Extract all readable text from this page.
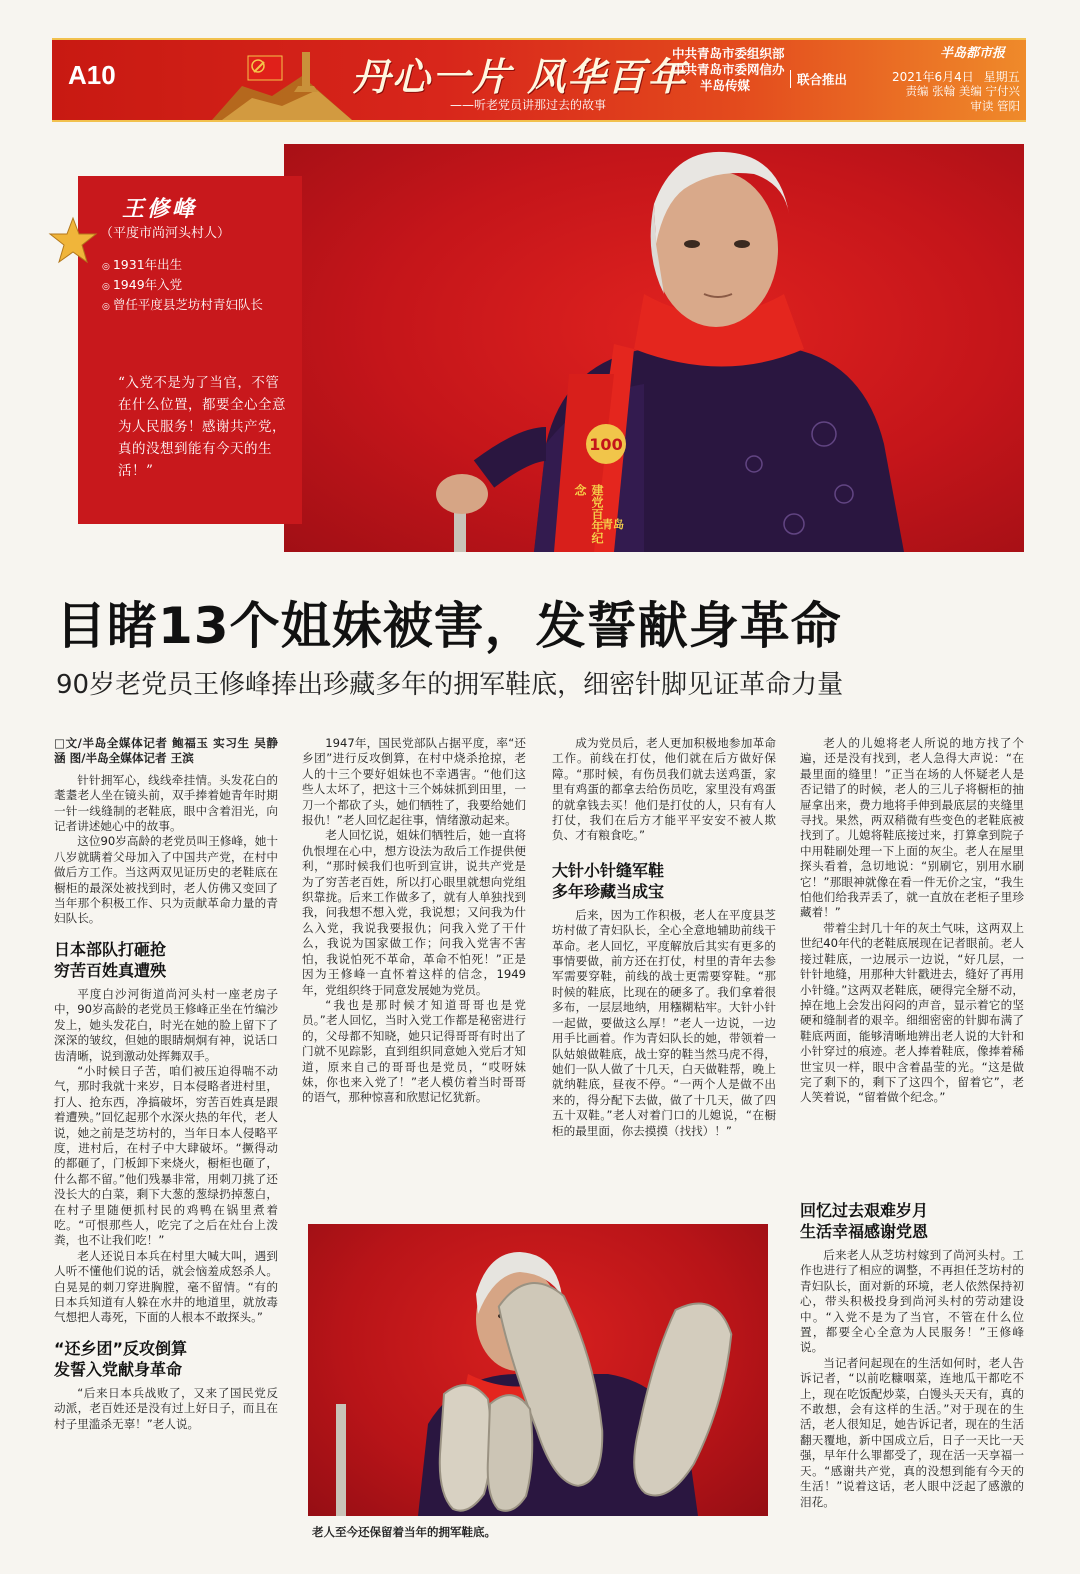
A10	丹心一片 风华百年
——听老党员讲那过去的故事
中共青岛市委组织部
中共青岛市委网信办
半岛传媒	联合推出
半岛都市报
2021年6月4日 星期五
责编 张翰 美编 宁付兴
审读 管阳
100
建党百年纪念
青岛
王修峰
（平度市尚河头村人）
◎ 1931年出生
◎ 1949年入党
◎ 曾任平度县芝坊村青妇队长
“入党不是为了当官，不管在什么位置，都要全心全意为人民服务！感谢共产党，真的没想到能有今天的生活！”
目睹13个姐妹被害，发誓献身革命
90岁老党员王修峰捧出珍藏多年的拥军鞋底，细密针脚见证革命力量

□文/半岛全媒体记者 鲍福玉 实习生 吴静涵 图/半岛全媒体记者 王滨

针针拥军心，线线牵挂情。头发花白的耄耋老人坐在镜头前，双手捧着她青年时期一针一线缝制的老鞋底，眼中含着泪光，向记者讲述她心中的故事。

这位90岁高龄的老党员叫王修峰，她十八岁就瞒着父母加入了中国共产党，在村中做后方工作。当这两双见证历史的老鞋底在橱柜的最深处被找到时，老人仿佛又变回了当年那个积极工作、只为贡献革命力量的青妇队长。

日本部队打砸抢
穷苦百姓真遭殃

平度白沙河街道尚河头村一座老房子中，90岁高龄的老党员王修峰正坐在竹编沙发上，她头发花白，时光在她的脸上留下了深深的皱纹，但她的眼睛炯炯有神，说话口齿清晰，说到激动处挥舞双手。

“小时候日子苦，咱们被压迫得喘不动气，那时我就十来岁，日本侵略者进村里，打人、抢东西，净搞破坏，穷苦百姓真是跟着遭殃。”回忆起那个水深火热的年代，老人说，她之前是芝坊村的，当年日本人侵略平度，进村后，在村子中大肆破坏。“撅得动的都砸了，门板卸下来烧火，橱柜也砸了，什么都不留。”他们残暴非常，用刺刀挑了还没长大的白菜，剩下大葱的葱绿扔掉葱白，在村子里随便抓村民的鸡鸭在锅里煮着吃。“可恨那些人，吃完了之后在灶台上泼粪，也不让我们吃！”

老人还说日本兵在村里大喊大叫，遇到人听不懂他们说的话，就会恼羞成怒杀人。白晃晃的刺刀穿进胸膛，毫不留情。“有的日本兵知道有人躲在水井的地道里，就放毒气想把人毒死，下面的人根本不敢探头。”

“还乡团”反攻倒算
发誓入党献身革命

“后来日本兵战败了，又来了国民党反动派，老百姓还是没有过上好日子，而且在村子里滥杀无辜！”老人说。

1947年，国民党部队占据平度，率“还乡团”进行反攻倒算，在村中烧杀抢掠，老人的十三个要好姐妹也不幸遇害。“他们这些人太坏了，把这十三个姊妹抓到田里，一刀一个都砍了头，她们牺牲了，我要给她们报仇！”老人回忆起往事，情绪激动起来。

老人回忆说，姐妹们牺牲后，她一直将仇恨埋在心中，想方设法为敌后工作提供便利，“那时候我们也听到宣讲，说共产党是为了穷苦老百姓，所以打心眼里就想向党组织靠拢。后来工作做多了，就有人单独找到我，问我想不想入党，我说想；又问我为什么入党，我说我要报仇；问我入党了干什么，我说为国家做工作；问我入党害不害怕，我说怕死不革命，革命不怕死！”正是因为王修峰一直怀着这样的信念，1949年，党组织终于同意发展她为党员。

“我也是那时候才知道哥哥也是党员。”老人回忆，当时入党工作都是秘密进行的，父母都不知晓，她只记得哥哥有时出了门就不见踪影，直到组织同意她入党后才知道，原来自己的哥哥也是党员，“哎呀妹妹，你也来入党了！”老人模仿着当时哥哥的语气，那种惊喜和欣慰记忆犹新。

成为党员后，老人更加积极地参加革命工作。前线在打仗，他们就在后方做好保障。“那时候，有伤员我们就去送鸡蛋，家里有鸡蛋的都拿去给伤员吃，家里没有鸡蛋的就拿钱去买！他们是打仗的人，只有有人打仗，我们在后方才能平平安安不被人欺负、才有粮食吃。”

大针小针缝军鞋
多年珍藏当成宝

后来，因为工作积极，老人在平度县芝坊村做了青妇队长，全心全意地辅助前线干革命。老人回忆，平度解放后其实有更多的事情要做，前方还在打仗，村里的青年去参军需要穿鞋，前线的战士更需要穿鞋。“那时候的鞋底，比现在的硬多了。我们拿着很多布，一层层地纳，用糨糊粘牢。大针小针一起做，要做这么厚！”老人一边说，一边用手比画着。作为青妇队长的她，带领着一队姑娘做鞋底，战士穿的鞋当然马虎不得，她们一队人做了十几天，白天做鞋帮，晚上就纳鞋底，昼夜不停。“一两个人是做不出来的，得分配下去做，做了十几天，做了四五十双鞋。”老人对着门口的儿媳说，“在橱柜的最里面，你去摸摸（找找）！”

老人的儿媳将老人所说的地方找了个遍，还是没有找到，老人急得大声说：“在最里面的缝里！”正当在场的人怀疑老人是否记错了的时候，老人的三儿子将橱柜的抽屉拿出来，费力地将手伸到最底层的夹缝里寻找。果然，两双稍微有些变色的老鞋底被找到了。儿媳将鞋底接过来，打算拿到院子中用鞋刷处理一下上面的灰尘。老人在屋里探头看着，急切地说：“别刷它，别用水刷它！”那眼神就像在看一件无价之宝，“我生怕他们给我弄丢了，就一直放在老柜子里珍藏着！”

带着尘封几十年的灰土气味，这两双上世纪40年代的老鞋底展现在记者眼前。老人接过鞋底，一边展示一边说，“好几层，一针针地缝，用那种大针戳进去，缝好了再用小针缝。”这两双老鞋底，硬得完全掰不动，掉在地上会发出闷闷的声音，显示着它的坚硬和缝制者的艰辛。细细密密的针脚布满了鞋底两面，能够清晰地辨出老人说的大针和小针穿过的痕迹。老人捧着鞋底，像捧着稀世宝贝一样，眼中含着晶莹的光。“这是做完了剩下的，剩下了这四个，留着它”，老人笑着说，“留着做个纪念。”

回忆过去艰难岁月
生活幸福感谢党恩

后来老人从芝坊村嫁到了尚河头村。工作也进行了相应的调整，不再担任芝坊村的青妇队长，面对新的环境，老人依然保持初心，带头积极投身到尚河头村的劳动建设中。“入党不是为了当官，不管在什么位置，都要全心全意为人民服务！”王修峰说。

当记者问起现在的生活如何时，老人告诉记者，“以前吃糠咽菜，连地瓜干都吃不上，现在吃饭配炒菜，白馒头天天有，真的不敢想，会有这样的生活。”对于现在的生活，老人很知足，她告诉记者，现在的生活翻天覆地，新中国成立后，日子一天比一天强，早年什么罪都受了，现在活一天享福一天。“感谢共产党，真的没想到能有今天的生活！”说着这话，老人眼中泛起了感激的泪花。

老人至今还保留着当年的拥军鞋底。
